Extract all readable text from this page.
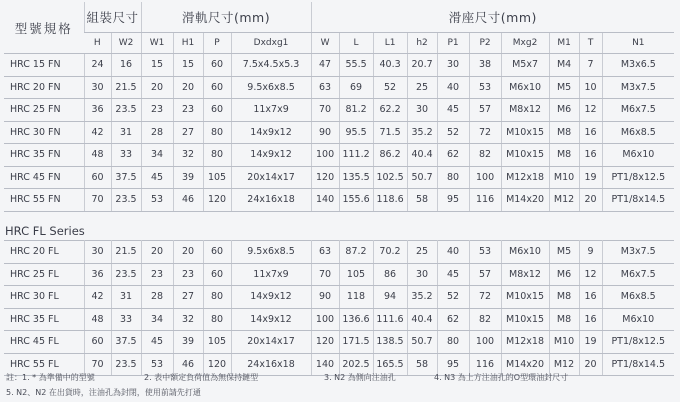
型號規格	組裝尺寸		滑軌尺寸(mm)				滑座尺寸(mm)									
	H	W2	W1	H1	P	Dxdxg1	W	L	L1	h2	P1	P2	Mxg2	M1	T	N1
HRC 15 FN	24	16	15	15	60	7.5x4.5x5.3	47	55.5	40.3	20.7	30	38	M5x7	M4	7	M3x6.5
HRC 20 FN	30	21.5	20	20	60	9.5x6x8.5	63	69	52	25	40	53	M6x10	M5	10	M3x7.5
HRC 25 FN	36	23.5	23	23	60	11x7x9	70	81.2	62.2	30	45	57	M8x12	M6	12	M6x7.5
HRC 30 FN	42	31	28	27	80	14x9x12	90	95.5	71.5	35.2	52	72	M10x15	M8	16	M6x8.5
HRC 35 FN	48	33	34	32	80	14x9x12	100	111.2	86.2	40.4	62	82	M10x15	M8	16	M6x10
HRC 45 FN	60	37.5	45	39	105	20x14x17	120	135.5	102.5	50.7	80	100	M12x18	M10	19	PT1/8x12.5
HRC 55 FN	70	23.5	53	46	120	24x16x18	140	155.6	118.6	58	95	116	M14x20	M12	20	PT1/8x14.5
HRC FL Series
HRC 20 FL	30	21.5	20	20	60	9.5x6x8.5	63	87.2	70.2	25	40	53	M6x10	M5	9	M3x7.5
HRC 25 FL	36	23.5	23	23	60	11x7x9	70	105	86	30	45	57	M8x12	M6	12	M6x7.5
HRC 30 FL	42	31	28	27	80	14x9x12	90	118	94	35.2	52	72	M10x15	M8	16	M6x8.5
HRC 35 FL	48	33	34	32	80	14x9x12	100	136.6	111.6	40.4	62	82	M10x15	M8	16	M6x10
HRC 45 FL	60	37.5	45	39	105	20x14x17	120	171.5	138.5	50.7	80	100	M12x18	M10	19	PT1/8x12.5
HRC 55 FL	70	23.5	53	46	120	24x16x18	140	202.5	165.5	58	95	116	M14x20	M12	20	PT1/8x14.5
註：1. * 為準備中的型號	2. 表中額定負荷值為無保持鏈型	3. N2 為側向注油孔	4. N3 為上方注油孔的O型環油封尺寸
5. N2、N2 在出貨時，注油孔為封閉，使用前請先打通
